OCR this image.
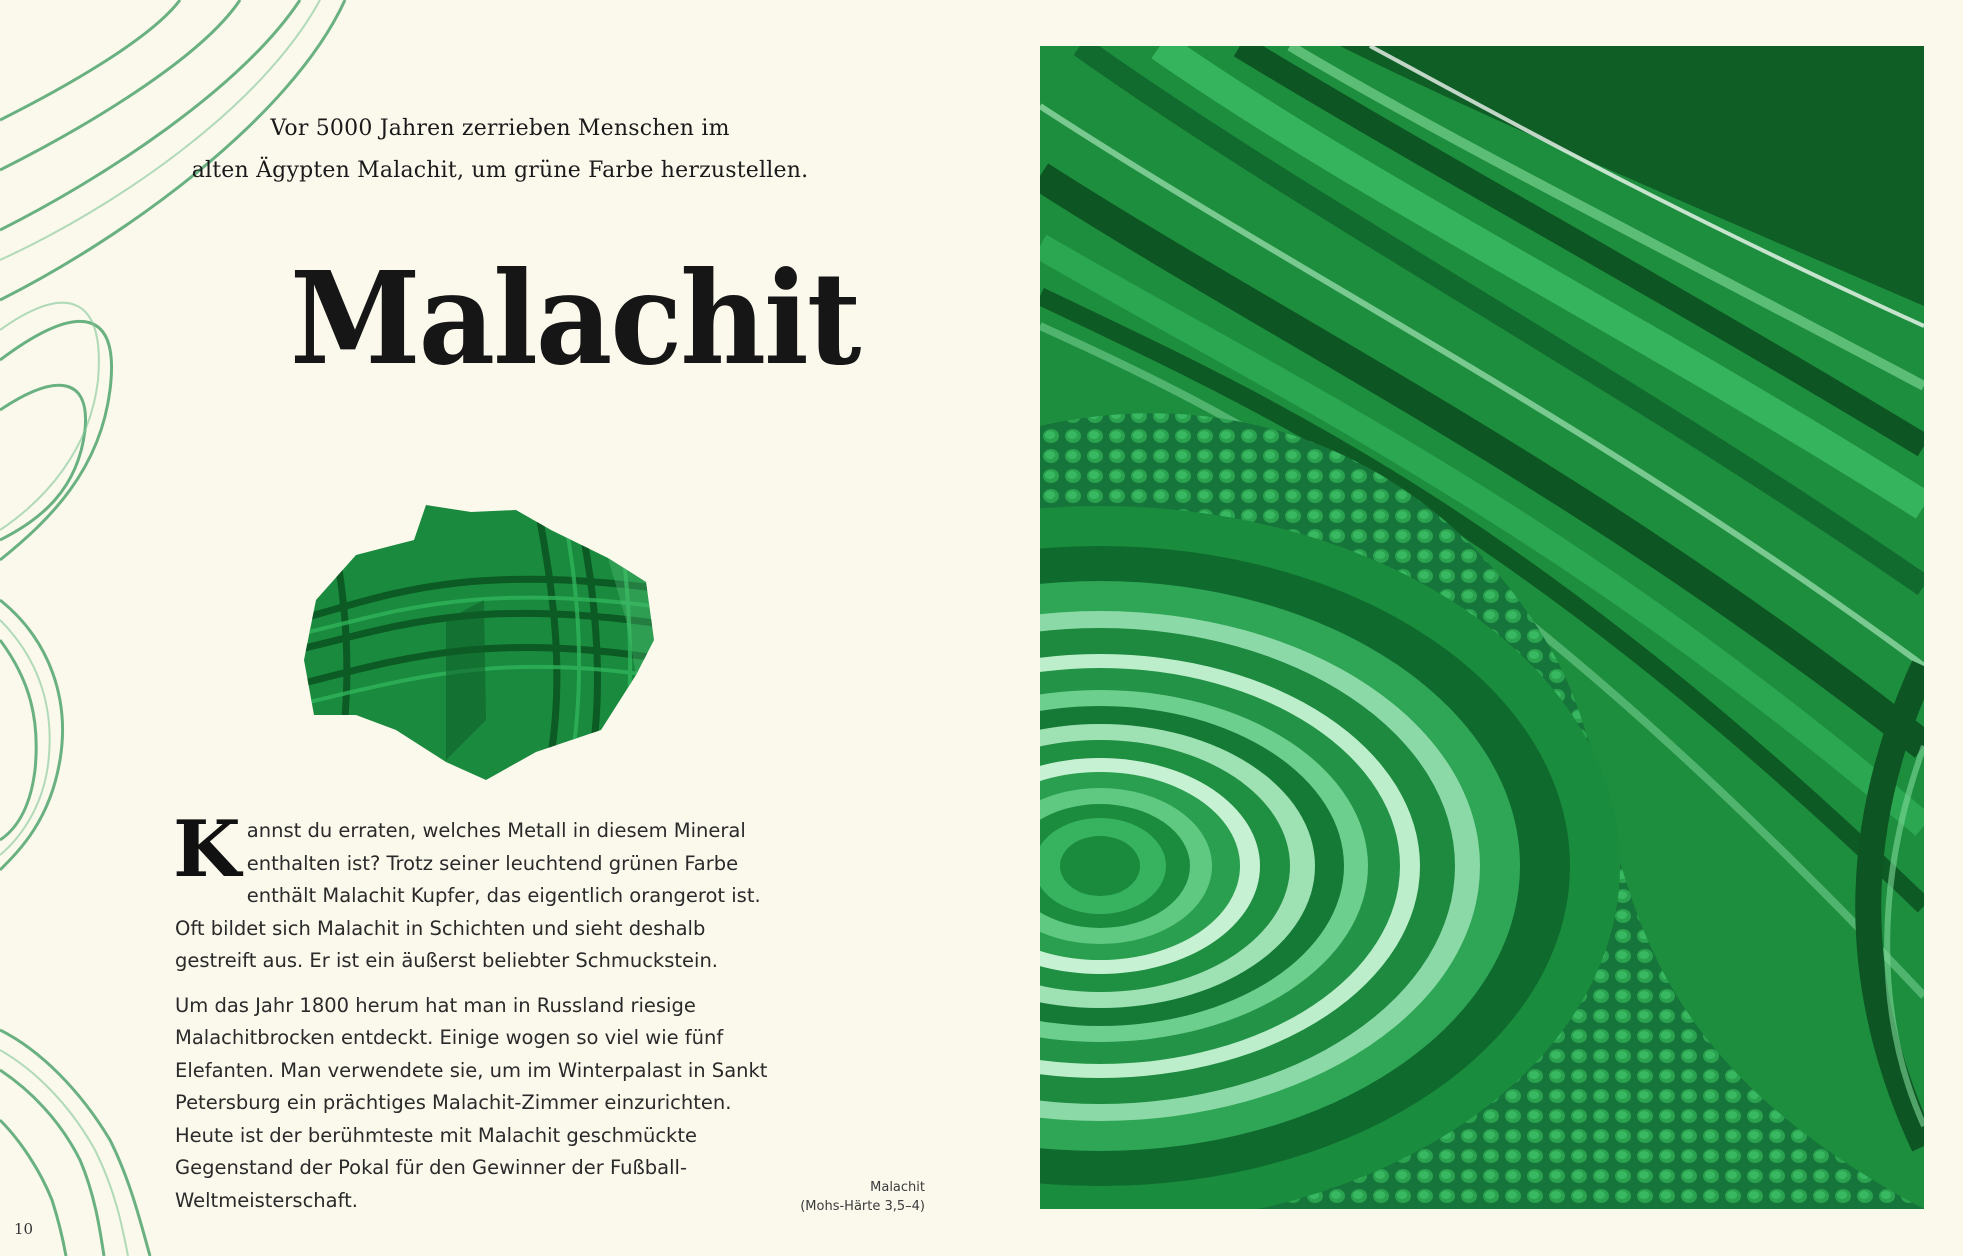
Vor 5000 Jahren zerrieben Menschen im

alten Ägypten Malachit, um grüne Farbe herzustellen.

Malachit

Kannst du erraten, welches Metall in diesem Mineral enthalten ist? Trotz seiner leuchtend grünen Farbe enthält Malachit Kupfer, das eigentlich orangerot ist. Oft bildet sich Malachit in Schichten und sieht deshalb gestreift aus. Er ist ein äußerst beliebter Schmuckstein.

Um das Jahr 1800 herum hat man in Russland riesige Malachitbrocken entdeckt. Einige wogen so viel wie fünf Elefanten. Man verwendete sie, um im Winterpalast in Sankt Petersburg ein prächtiges Malachit-Zimmer einzurichten. Heute ist der berühmteste mit Malachit geschmückte Gegenstand der Pokal für den Gewinner der Fußball-Weltmeisterschaft.

Malachit
(Mohs-Härte 3,5–4)
10
